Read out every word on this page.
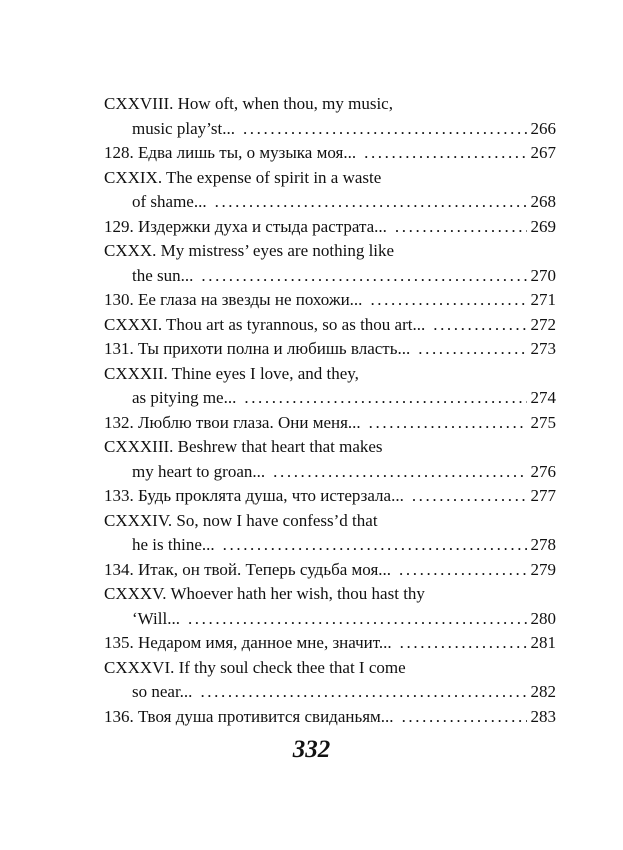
CXXVIII. How oft, when thou, my music,
music play’st... .....	266
128. Едва лишь ты, о музыка моя... .....	267
CXXIX. The expense of spirit in a waste
of shame... .....	268
129. Издержки духа и стыда растрата... .....	269
CXXX. My mistress’ eyes are nothing like
the sun... .....	270
130. Ее глаза на звезды не похожи... .....	271
CXXXI. Thou art as tyrannous, so as thou art... .....	272
131. Ты прихоти полна и любишь власть... .....	273
CXXXII. Thine eyes I love, and they,
as pitying me... .....	274
132. Люблю твои глаза. Они меня... .....	275
CXXXIII. Beshrew that heart that makes
my heart to groan... .....	276
133. Будь проклята душа, что истерзала... .....	277
CXXXIV. So, now I have confess’d that
he is thine... .....	278
134. Итак, он твой. Теперь судьба моя... .....	279
CXXXV. Whoever hath her wish, thou hast thy
‘Will... .....	280
135. Недаром имя, данное мне, значит... .....	281
CXXXVI. If thy soul check thee that I come
so near... .....	282
136. Твоя душа противится свиданьям... .....	283
332
